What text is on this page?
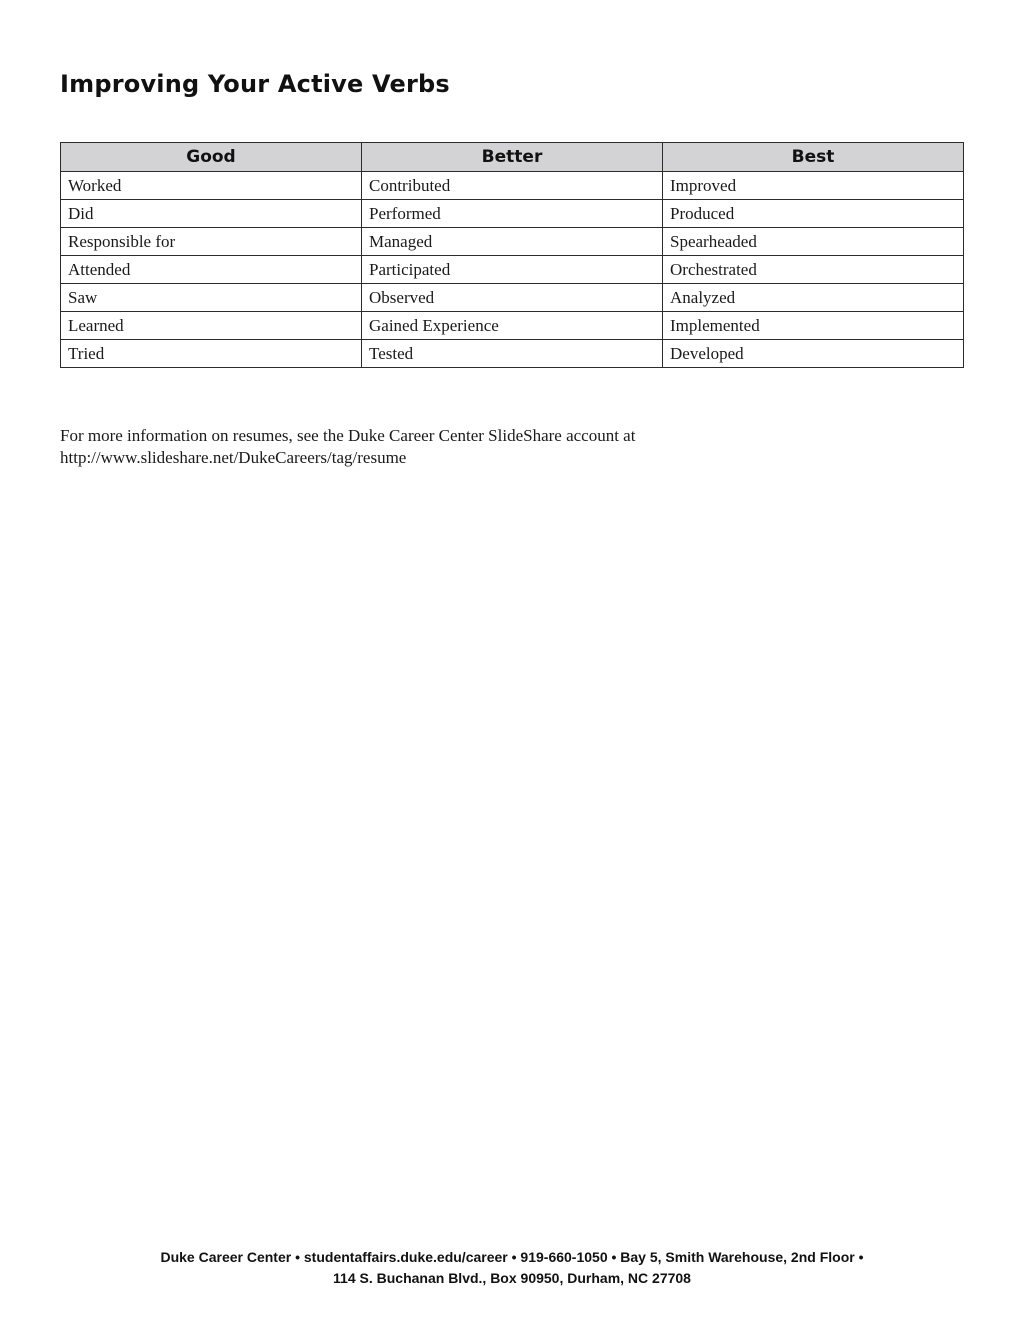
Improving Your Active Verbs
Good	Better	Best
Worked	Contributed	Improved
Did	Performed	Produced
Responsible for	Managed	Spearheaded
Attended	Participated	Orchestrated
Saw	Observed	Analyzed
Learned	Gained Experience	Implemented
Tried	Tested	Developed

For more information on resumes, see the Duke Career Center SlideShare account at
http://www.slideshare.net/DukeCareers/tag/resume

Duke Career Center • studentaffairs.duke.edu/career • 919-660-1050 • Bay 5, Smith Warehouse, 2nd Floor •
114 S. Buchanan Blvd., Box 90950, Durham, NC 27708
